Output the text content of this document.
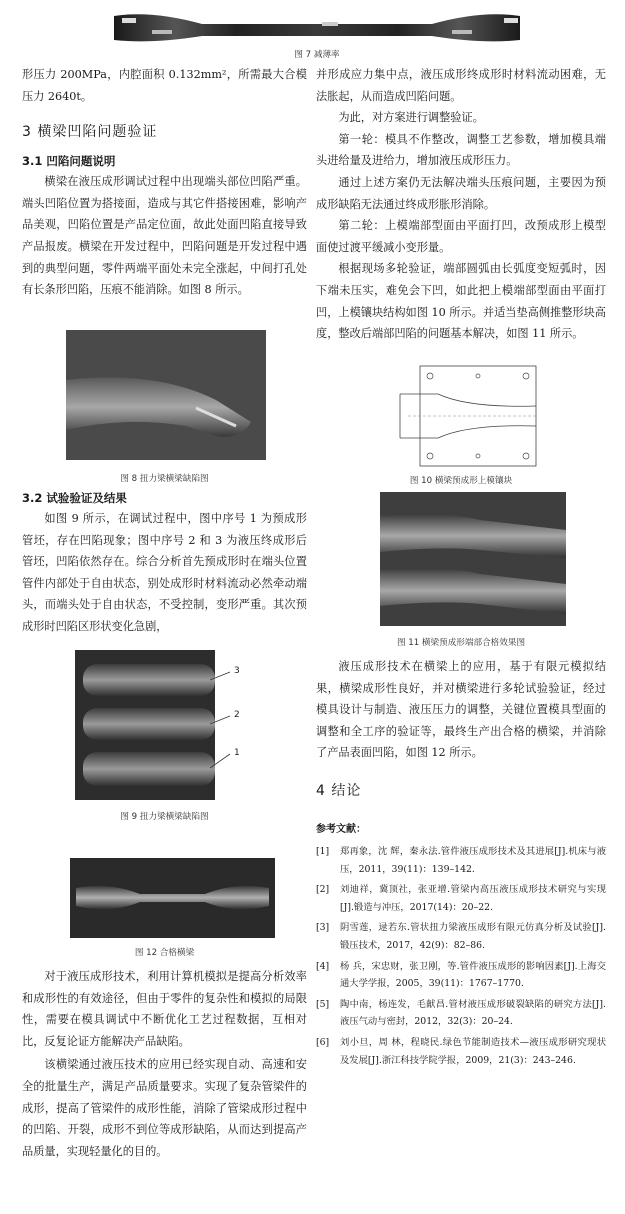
图 7 减薄率

形压力 200MPa，内腔面积 0.132mm²，所需最大合模压力 2640t。

3 横梁凹陷问题验证
3.1 凹陷问题说明

横梁在液压成形调试过程中出现端头部位凹陷严重。端头凹陷位置为搭接面，造成与其它件搭接困难，影响产品美观，凹陷位置是产品定位面，故此处面凹陷直接导致产品报废。横梁在开发过程中，凹陷问题是开发过程中遇到的典型问题，零件两端平面处未完全涨起，中间打孔处有长条形凹陷，压痕不能消除。如图 8 所示。

图 8 扭力梁横梁缺陷图
3.2 试验验证及结果

如图 9 所示，在调试过程中，图中序号 1 为预成形管坯，存在凹陷现象；图中序号 2 和 3 为液压终成形后管坯，凹陷依然存在。综合分析首先预成形时在端头位置管件内部处于自由状态，别处成形时材料流动必然牵动端头，而端头处于自由状态，不受控制，变形严重。其次预成形时凹陷区形状变化急剧，

3
2
1
图 9 扭力梁横梁缺陷图
图 12 合格横梁

对于液压成形技术，利用计算机模拟是提高分析效率和成形性的有效途径，但由于零件的复杂性和模拟的局限性，需要在模具调试中不断优化工艺过程数据，互相对比，反复论证方能解决产品缺陷。

该横梁通过液压技术的应用已经实现自动、高速和安全的批量生产，满足产品质量要求。实现了复杂管梁件的成形，提高了管梁件的成形性能，消除了管梁成形过程中的凹陷、开裂，成形不到位等成形缺陷，从而达到提高产品质量，实现轻量化的目的。

并形成应力集中点，液压成形终成形时材料流动困难，无法胀起，从而造成凹陷问题。

为此，对方案进行调整验证。

第一轮：模具不作整改，调整工艺参数，增加模具端头进给量及进给力，增加液压成形压力。

通过上述方案仍无法解决端头压痕问题，主要因为预成形缺陷无法通过终成形胀形消除。

第二轮：上模端部型面由平面打凹，改预成形上模型面使过渡平缓减小变形量。

根据现场多轮验证，端部圆弧由长弧度变短弧时，因下端未压实，难免会下凹，如此把上模端部型面由平面打凹，上模镶块结构如图 10 所示。并适当垫高侧推整形块高度，整改后端部凹陷的问题基本解决，如图 11 所示。

图 10 横梁预成形上模镶块
图 11 横梁预成形端部合格效果图

液压成形技术在横梁上的应用，基于有限元模拟结果，横梁成形性良好，并对横梁进行多轮试验验证，经过模具设计与制造、液压压力的调整，关键位置模具型面的调整和全工序的验证等，最终生产出合格的横梁，并消除了产品表面凹陷，如图 12 所示。

4 结论
参考文献：
[1]	郑再象，沈 辉，秦永法.管件液压成形技术及其进展[J].机床与液压，2011，39(11)：139–142.
[2]	刘迪祥，冀顶社，张亚增.管梁内高压液压成形技术研究与实现[J].锻造与冲压，2017(14)：20–22.
[3]	阴雪莲，逯若东.管状扭力梁液压成形有限元仿真分析及试验[J].锻压技术，2017，42(9)：82–86.
[4]	杨 兵，宋忠财，张卫刚，等.管件液压成形的影响因素[J].上海交通大学学报，2005，39(11)：1767–1770.
[5]	陶中南，杨连发，毛献昌.管材液压成形破裂缺陷的研究方法[J].液压气动与密封，2012，32(3)：20–24.
[6]	刘小旦，周 林，程晓民.绿色节能制造技术—液压成形研究现状及发展[J].浙江科技学院学报，2009，21(3)：243–246.
